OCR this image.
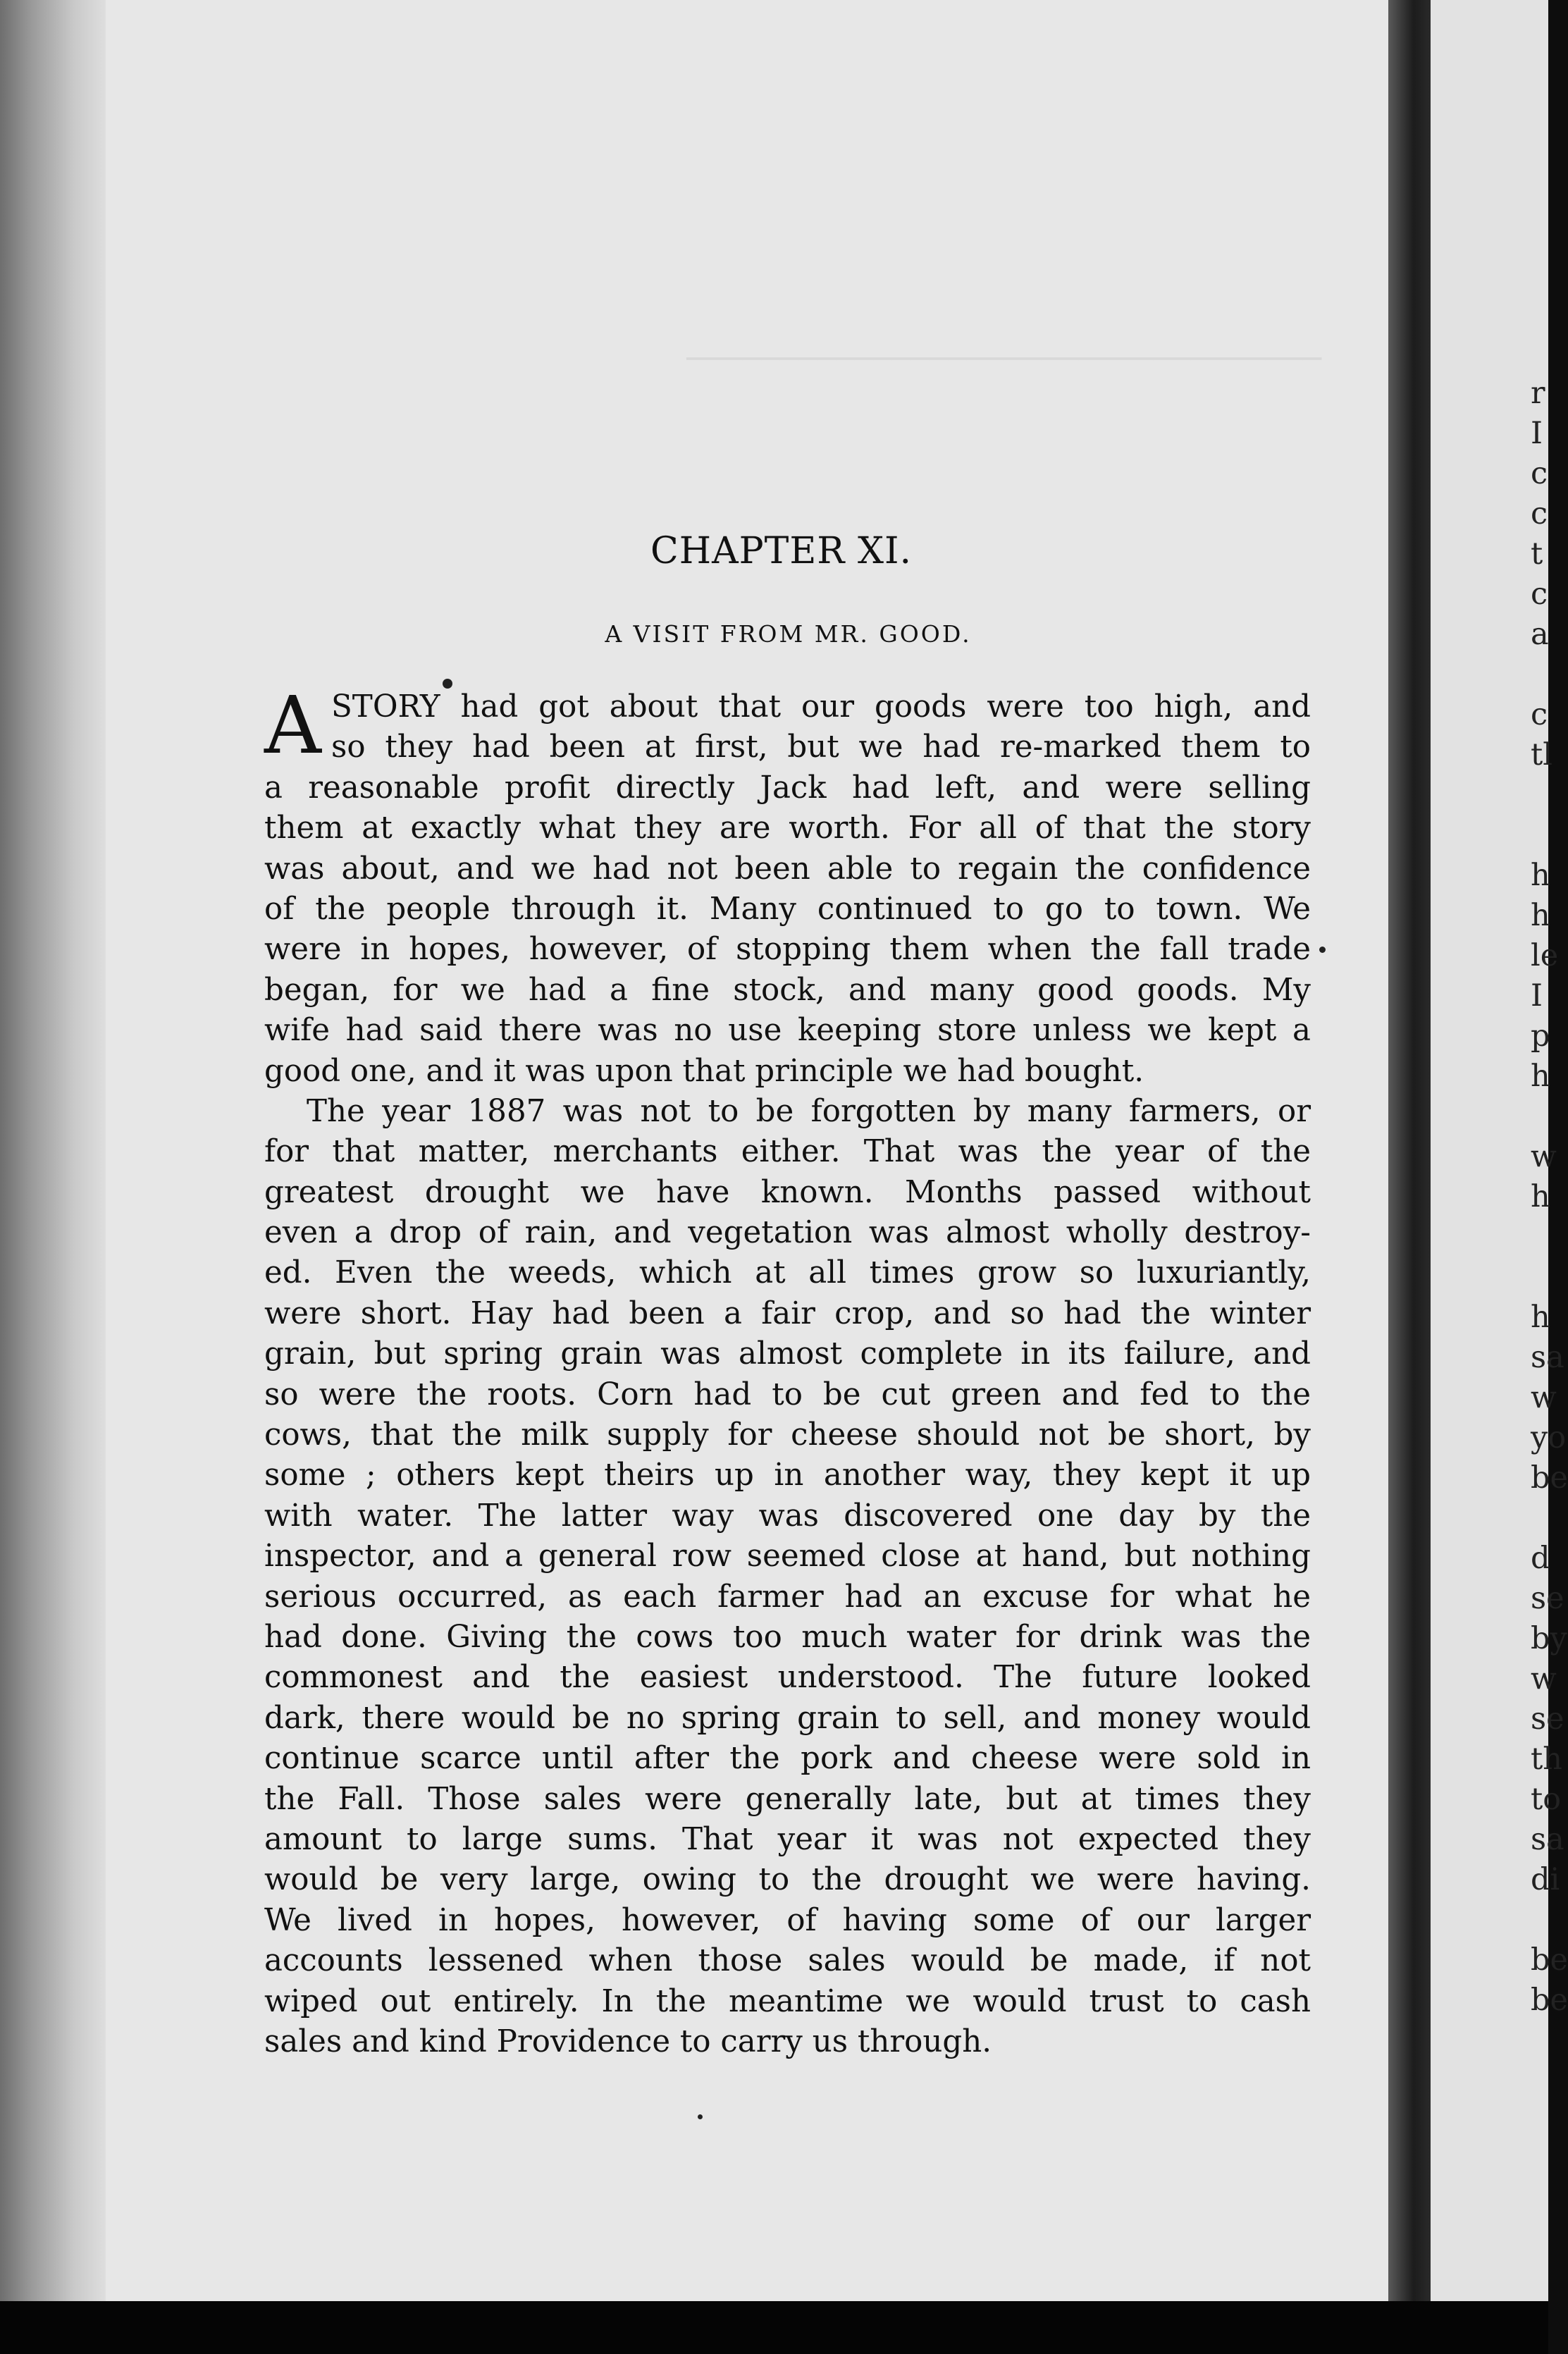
──────────────────────────────────
CHAPTER XI.
A VISIT FROM MR. GOOD.
A STORY had got about that our goods were too high, and
so they had been at first, but we had re-marked them to
a reasonable profit directly Jack had left, and were selling
them at exactly what they are worth. For all of that the story
was about, and we had not been able to regain the confidence
of the people through it. Many continued to go to town. We
were in hopes, however, of stopping them when the fall trade
began, for we had a fine stock, and many good goods. My
wife had said there was no use keeping store unless we kept a
good one, and it was upon that principle we had bought.
The year 1887 was not to be forgotten by many farmers, or
for that matter, merchants either. That was the year of the
greatest drought we have known. Months passed without
even a drop of rain, and vegetation was almost wholly destroy-
ed. Even the weeds, which at all times grow so luxuriantly,
were short. Hay had been a fair crop, and so had the winter
grain, but spring grain was almost complete in its failure, and
so were the roots. Corn had to be cut green and fed to the
cows, that the milk supply for cheese should not be short, by
some ; others kept theirs up in another way, they kept it up
with water. The latter way was discovered one day by the
inspector, and a general row seemed close at hand, but nothing
serious occurred, as each farmer had an excuse for what he
had done. Giving the cows too much water for drink was the
commonest and the easiest understood. The future looked
dark, there would be no spring grain to sell, and money would
continue scarce until after the pork and cheese were sold in
the Fall. Those sales were generally late, but at times they
amount to large sums. That year it was not expected they
would be very large, owing to the drought we were having.
We lived in hopes, however, of having some of our larger
accounts lessened when those sales would be made, if not
wiped out entirely. In the meantime we would trust to cash
sales and kind Providence to carry us through.
r
I
c
c
t
c
a
c
tl
h
h
le
I
p
h
w
h
h
sa
w
yo
be
d
se
by
w
se
th
to
sa
di
be
be
